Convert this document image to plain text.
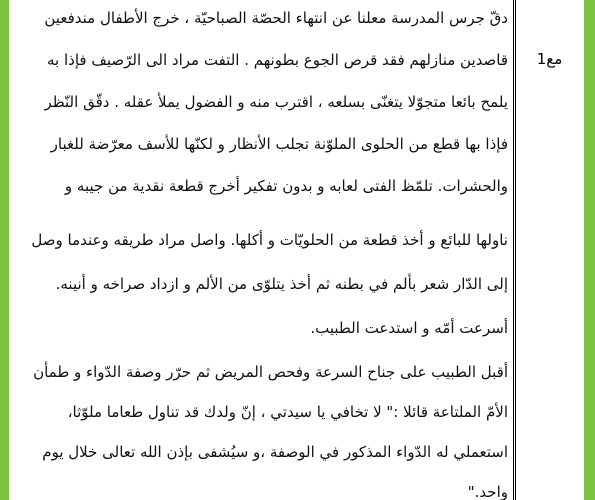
مع1
دقّ جرس المدرسة معلنا عن انتهاء الحصّة الصباحيّة ، خرج الأطفال مندفعين
قاصدين منازلهم فقد قرص الجوع بطونهم . التفت مراد الى الرّصيف فإذا به
يلمح بائعا متجوّلا يتغنّى بسلعه ، اقترب منه و الفضول يملأ عقله . دقّق النّظر
فإذا بها قطع من الحلوى الملوّنة تجلب الأنظار و لكنّها للأسف معرّضة للغبار
والحشرات. تلمّظ الفتى لعابه و بدون تفكير أخرج قطعة نقدية من جيبه و
ناولها للبائع و أخذ قطعة من الحلويّات و أكلها. واصل مراد طريقه وعندما وصل
إلى الدّار شعر بألم في بطنه ثم أخذ يتلوّى من الألم و ازداد صراخه و أنينه.
أسرعت أمّه و استدعت الطبيب.
أقبل الطبيب على جناح السرعة وفحص المريض ثم حرّر وصفة الدّواء و طمأن
الأمّ الملتاعة قائلا :" لا تخافي يا سيدتي ، إنّ ولدك قد تناول طعاما ملوّثا،
استعملي له الدّواء المذكور في الوصفة ،و سيُشفى بإذن الله تعالى خلال يوم
واحد."
